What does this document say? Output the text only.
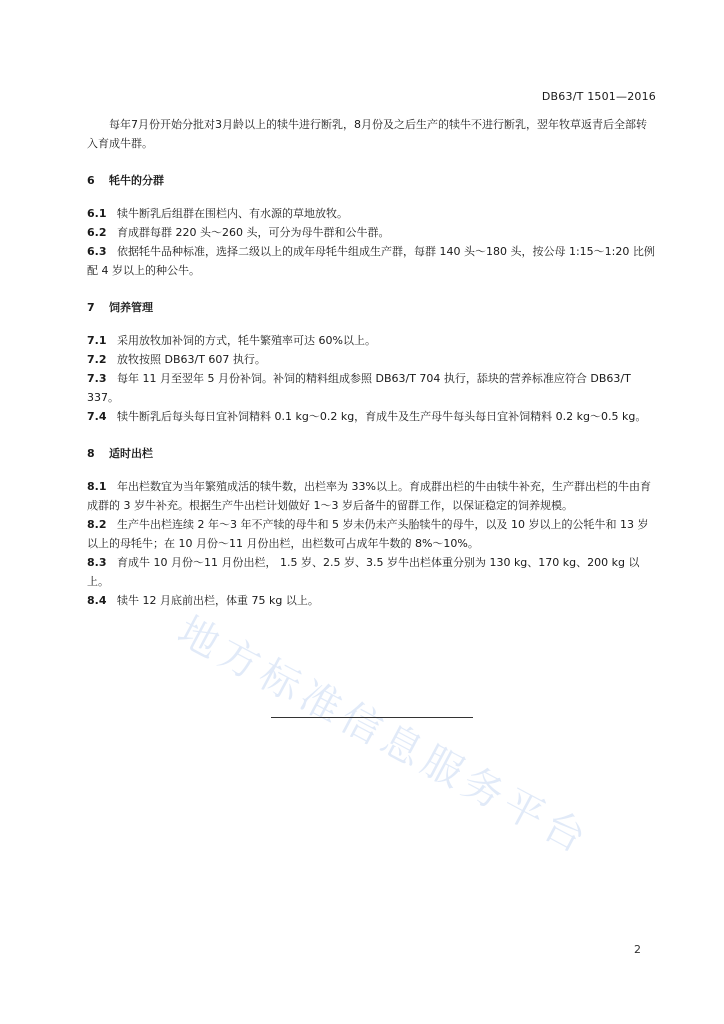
DB63/T 1501—2016
地方标准信息服务平台
每年7月份开始分批对3月龄以上的犊牛进行断乳，8月份及之后生产的犊牛不进行断乳，翌年牧草返青后全部转入育成牛群。
6 牦牛的分群
6.1 犊牛断乳后组群在围栏内、有水源的草地放牧。
6.2 育成群每群 220 头～260 头，可分为母牛群和公牛群。
6.3 依据牦牛品种标准，选择二级以上的成年母牦牛组成生产群，每群 140 头～180 头，按公母 1:15～1:20 比例配 4 岁以上的种公牛。
7 饲养管理
7.1 采用放牧加补饲的方式，牦牛繁殖率可达 60%以上。
7.2 放牧按照 DB63/T 607 执行。
7.3 每年 11 月至翌年 5 月份补饲。补饲的精料组成参照 DB63/T 704 执行，舔块的营养标准应符合 DB63/T 337。
7.4 犊牛断乳后每头每日宜补饲精料 0.1 kg～0.2 kg，育成牛及生产母牛每头每日宜补饲精料 0.2 kg～0.5 kg。
8 适时出栏
8.1 年出栏数宜为当年繁殖成活的犊牛数，出栏率为 33%以上。育成群出栏的牛由犊牛补充，生产群出栏的牛由育成群的 3 岁牛补充。根据生产牛出栏计划做好 1～3 岁后备牛的留群工作，以保证稳定的饲养规模。
8.2 生产牛出栏连续 2 年～3 年不产犊的母牛和 5 岁未仍未产头胎犊牛的母牛，以及 10 岁以上的公牦牛和 13 岁以上的母牦牛；在 10 月份～11 月份出栏，出栏数可占成年牛数的 8%～10%。
8.3 育成牛 10 月份～11 月份出栏， 1.5 岁、2.5 岁、3.5 岁牛出栏体重分别为 130 kg、170 kg、200 kg 以上。
8.4 犊牛 12 月底前出栏，体重 75 kg 以上。
2
